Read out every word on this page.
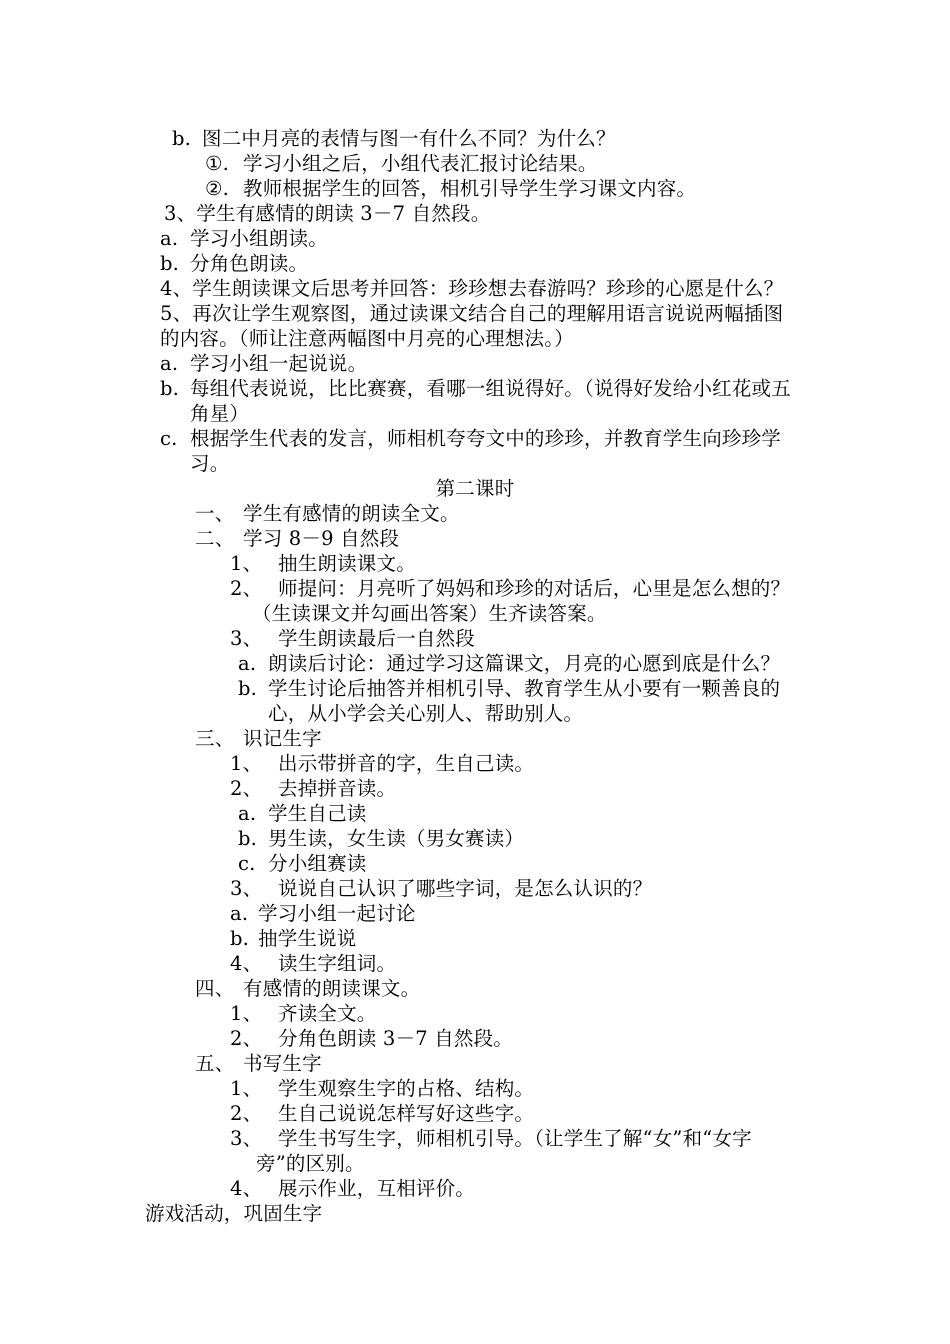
b. 图二中月亮的表情与图一有什么不同？为什么？
①. 学习小组之后，小组代表汇报讨论结果。
②. 教师根据学生的回答，相机引导学生学习课文内容。
3、学生有感情的朗读 3－7 自然段。
a. 学习小组朗读。
b. 分角色朗读。
4、学生朗读课文后思考并回答：珍珍想去春游吗？珍珍的心愿是什么？
5、再次让学生观察图，通过读课文结合自己的理解用语言说说两幅插图
的内容。（师让注意两幅图中月亮的心理想法。）
a. 学习小组一起说说。
b. 每组代表说说，比比赛赛，看哪一组说得好。（说得好发给小红花或五
角星）
c. 根据学生代表的发言，师相机夸夸文中的珍珍，并教育学生向珍珍学
习。
第二课时
一、 学生有感情的朗读全文。
二、 学习 8－9 自然段
1、 抽生朗读课文。
2、 师提问：月亮听了妈妈和珍珍的对话后，心里是怎么想的？
（生读课文并勾画出答案）生齐读答案。
3、 学生朗读最后一自然段
a. 朗读后讨论：通过学习这篇课文，月亮的心愿到底是什么？
b. 学生讨论后抽答并相机引导、教育学生从小要有一颗善良的
心，从小学会关心别人、帮助别人。
三、 识记生字
1、 出示带拼音的字，生自己读。
2、 去掉拼音读。
a. 学生自己读
b. 男生读，女生读（男女赛读）
c. 分小组赛读
3、 说说自己认识了哪些字词，是怎么认识的？
a. 学习小组一起讨论
b. 抽学生说说
4、 读生字组词。
四、 有感情的朗读课文。
1、 齐读全文。
2、 分角色朗读 3－7 自然段。
五、 书写生字
1、 学生观察生字的占格、结构。
2、 生自己说说怎样写好这些字。
3、 学生书写生字，师相机引导。（让学生了解“女”和“女字
旁”的区别。
4、 展示作业，互相评价。
游戏活动，巩固生字
